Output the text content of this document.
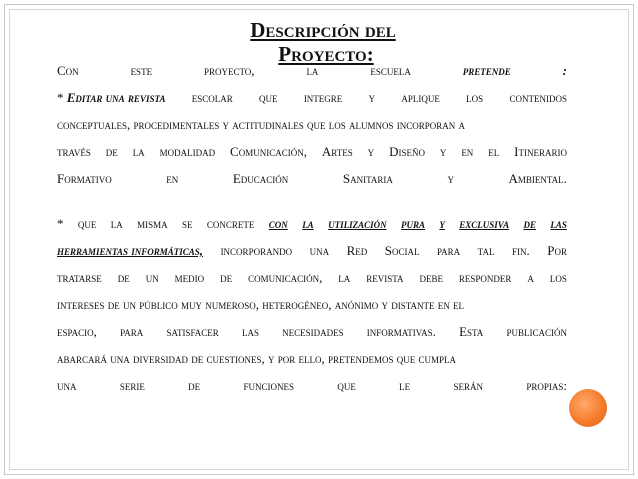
Descripción del
Proyecto:
Con	este	proyecto,	la	escuela	pretende	:
* Editar una revista escolar que integre y aplique los contenidos
conceptuales, procedimentales y actitudinales que los alumnos incorporan a
través de la modalidad Comunicación, Artes y Diseño y en el Itinerario
Formativo	en	Educación	Sanitaria	y	Ambiental.
* que la misma se concrete con la utilización pura y exclusiva de las
herramientas informáticas, incorporando una Red Social para tal fin. Por
tratarse de un medio de comunicación, la revista debe responder a los
intereses de un público muy numeroso, heterogéneo, anónimo y distante en el
espacio, para satisfacer las necesidades informativas. Esta publicación
abarcará una diversidad de cuestiones, y por ello, pretendemos que cumpla
una	serie	de	funciones	que	le	serán	propias:
